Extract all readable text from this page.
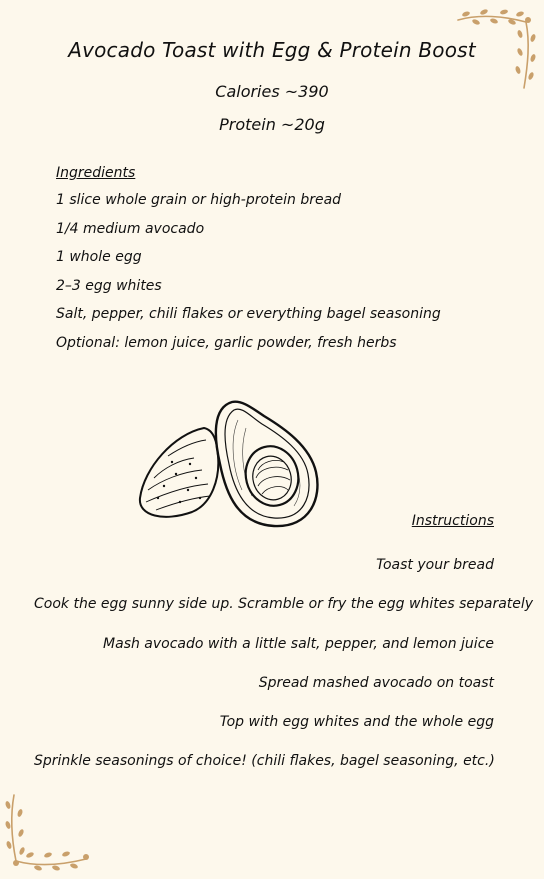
Avocado Toast with Egg & Protein Boost
Calories ~390
Protein ~20g
Ingredients
1 slice whole grain or high-protein bread
1/4 medium avocado
1 whole egg
2–3 egg whites
Salt, pepper, chili flakes or everything bagel seasoning
Optional: lemon juice, garlic powder, fresh herbs
Instructions
Toast your bread
Cook the egg sunny side up. Scramble or fry the egg whites separately
Mash avocado with a little salt, pepper, and lemon juice
Spread mashed avocado on toast
Top with egg whites and the whole egg
Sprinkle seasonings of choice! (chili flakes, bagel seasoning, etc.)
